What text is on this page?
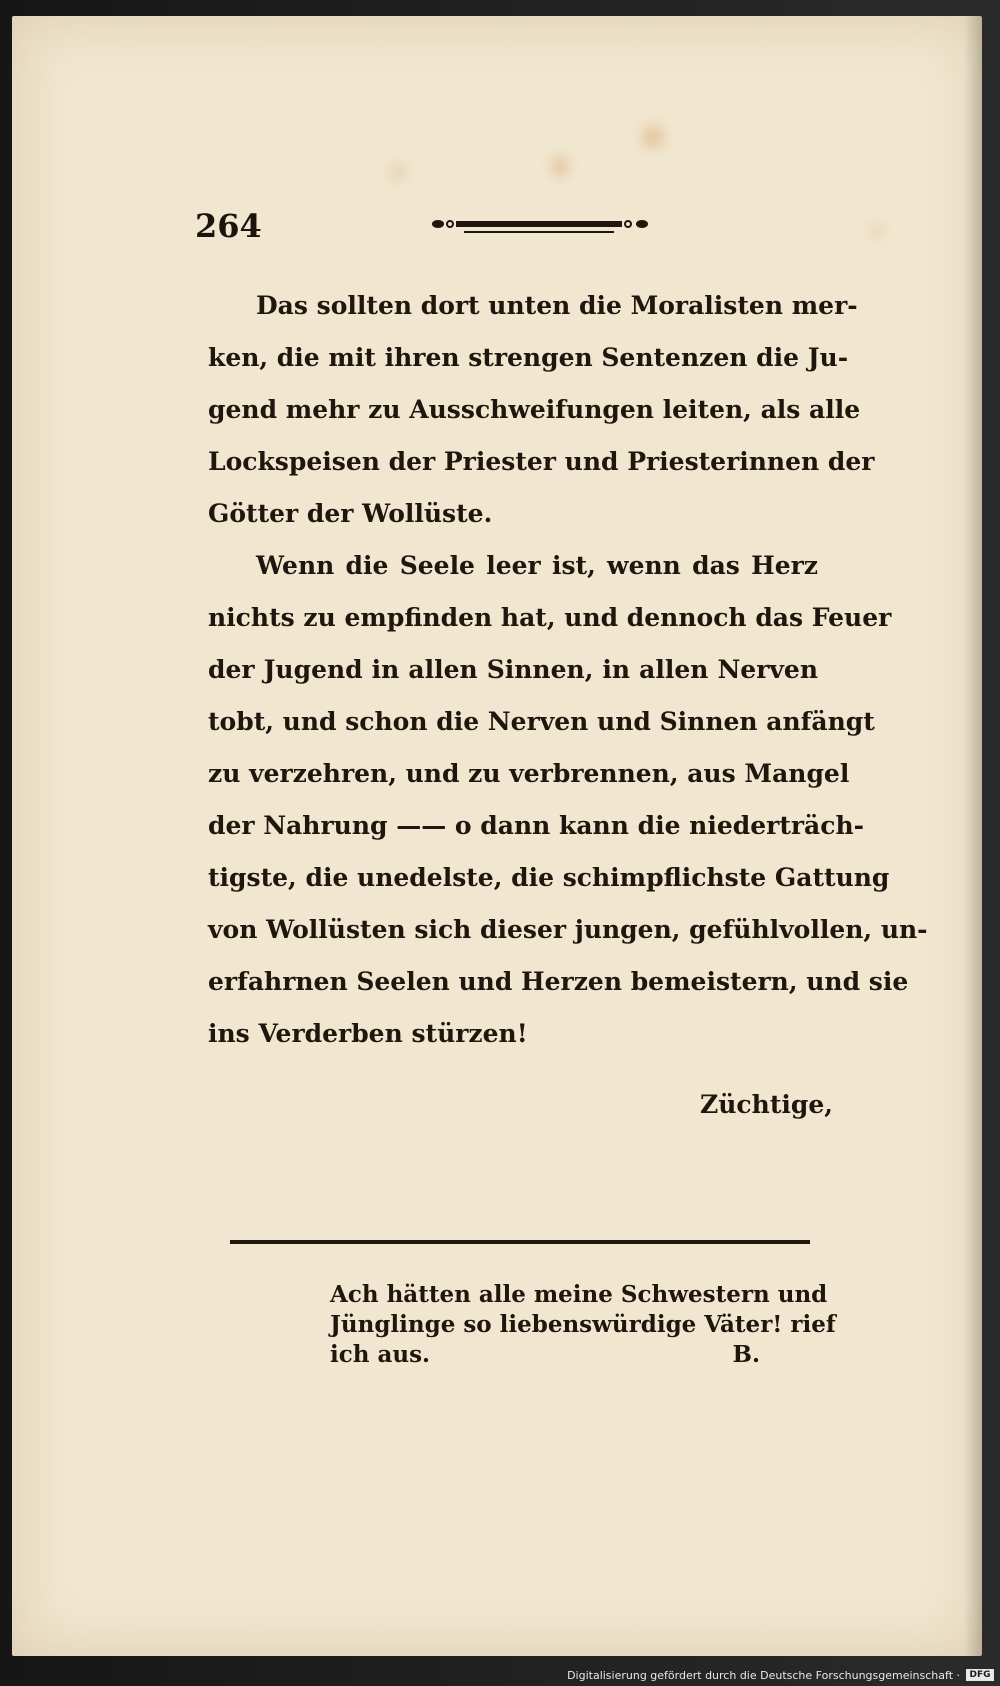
264
Das sollten dort unten die Moralisten mer-
ken, die mit ihren strengen Sentenzen die Ju-
gend mehr zu Ausschweifungen leiten, als alle
Lockspeisen der Priester und Priesterinnen der
Götter der Wollüste.
Wenn die Seele leer ist, wenn das Herz
nichts zu empfinden hat, und dennoch das Feuer
der Jugend in allen Sinnen, in allen Nerven
tobt, und schon die Nerven und Sinnen anfängt
zu verzehren, und zu verbrennen, aus Mangel
der Nahrung —— o dann kann die niederträch-
tigste, die unedelste, die schimpflichste Gattung
von Wollüsten sich dieser jungen, gefühlvollen, un-
erfahrnen Seelen und Herzen bemeistern, und sie
ins Verderben stürzen!
Züchtige,
Ach hätten alle meine Schwestern und
Jünglinge so liebenswürdige Väter! rief
ich aus.	B.
Digitalisierung gefördert durch die Deutsche Forschungsgemeinschaft ·	DFG
